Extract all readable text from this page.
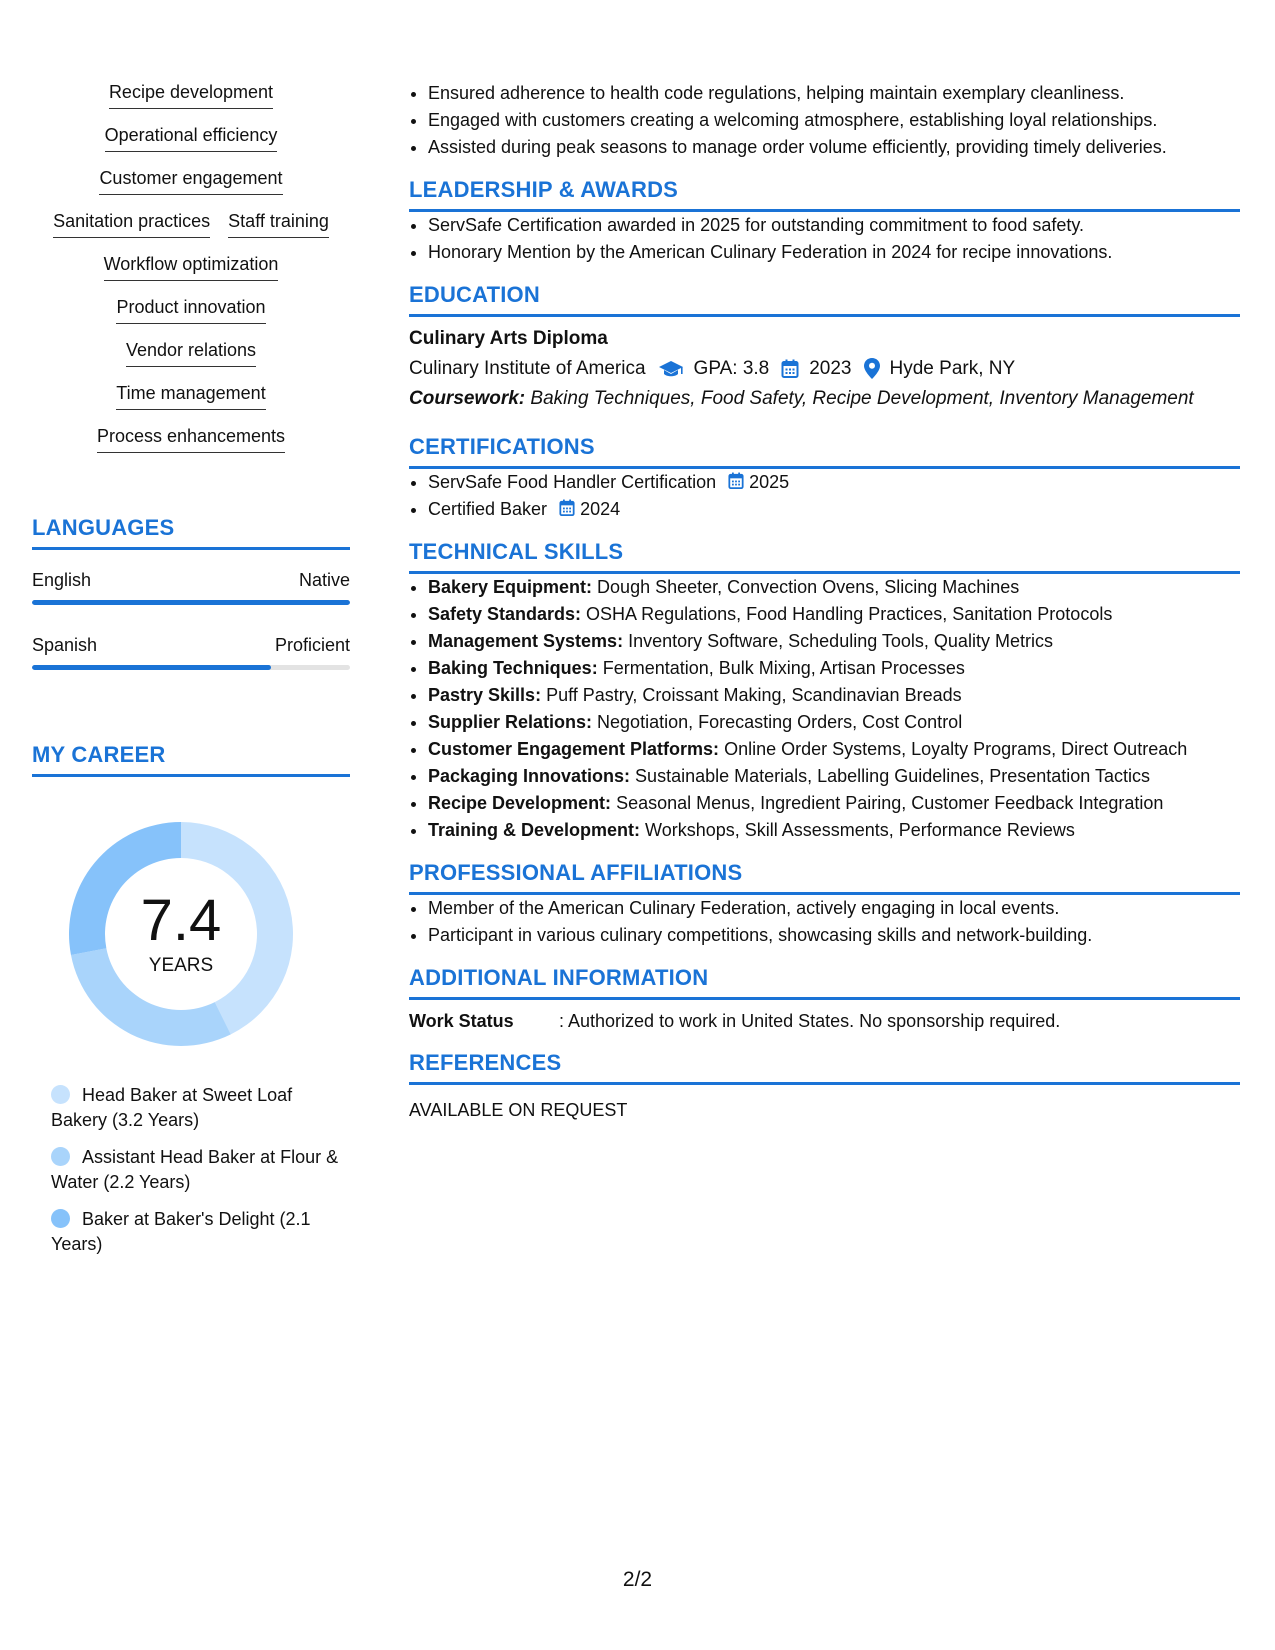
Recipe development
Operational efficiency
Customer engagement
Sanitation practices Staff training
Workflow optimization
Product innovation
Vendor relations
Time management
Process enhancements
LANGUAGES
English	Native
Spanish	Proficient
MY CAREER
7.4
YEARS
Head Baker at Sweet Loaf Bakery (3.2 Years)
Assistant Head Baker at Flour & Water (2.2 Years)
Baker at Baker's Delight (2.1 Years)
• Ensured adherence to health code regulations, helping maintain exemplary cleanliness.
• Engaged with customers creating a welcoming atmosphere, establishing loyal relationships.
• Assisted during peak seasons to manage order volume efficiently, providing timely deliveries.
LEADERSHIP & AWARDS
• ServSafe Certification awarded in 2025 for outstanding commitment to food safety.
• Honorary Mention by the American Culinary Federation in 2024 for recipe innovations.
EDUCATION
Culinary Arts Diploma
Culinary Institute of America	GPA: 3.8 2023 Hyde Park, NY
Coursework: Baking Techniques, Food Safety, Recipe Development, Inventory Management
CERTIFICATIONS
• ServSafe Food Handler Certification 2025
• Certified Baker 2024
TECHNICAL SKILLS
• Bakery Equipment: Dough Sheeter, Convection Ovens, Slicing Machines
• Safety Standards: OSHA Regulations, Food Handling Practices, Sanitation Protocols
• Management Systems: Inventory Software, Scheduling Tools, Quality Metrics
• Baking Techniques: Fermentation, Bulk Mixing, Artisan Processes
• Pastry Skills: Puff Pastry, Croissant Making, Scandinavian Breads
• Supplier Relations: Negotiation, Forecasting Orders, Cost Control
• Customer Engagement Platforms: Online Order Systems, Loyalty Programs, Direct Outreach
• Packaging Innovations: Sustainable Materials, Labelling Guidelines, Presentation Tactics
• Recipe Development: Seasonal Menus, Ingredient Pairing, Customer Feedback Integration
• Training & Development: Workshops, Skill Assessments, Performance Reviews
PROFESSIONAL AFFILIATIONS
• Member of the American Culinary Federation, actively engaging in local events.
• Participant in various culinary competitions, showcasing skills and network-building.
ADDITIONAL INFORMATION
Work Status	: Authorized to work in United States. No sponsorship required.
REFERENCES
AVAILABLE ON REQUEST
2/2
